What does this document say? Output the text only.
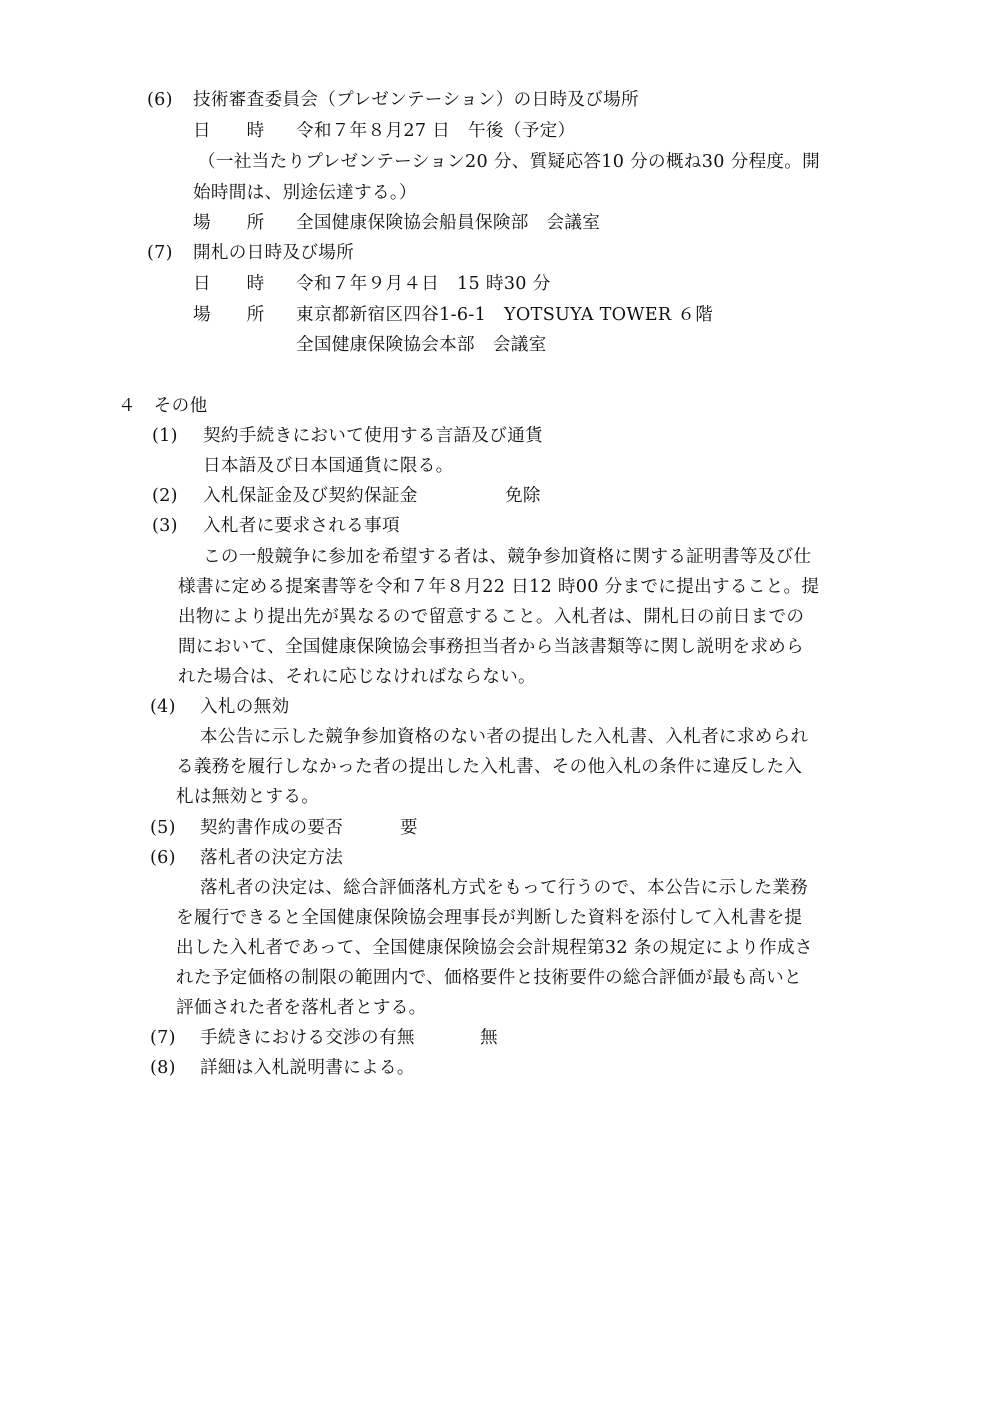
(6) 技術審査委員会（プレゼンテーション）の日時及び場所
日　　時 令和７年８月27 日　午後（予定）
（一社当たりプレゼンテーション20 分、質疑応答10 分の概ね30 分程度。開
始時間は、別途伝達する。）
場　　所 全国健康保険協会船員保険部　会議室
(7) 開札の日時及び場所
日　　時 令和７年９月４日　15 時30 分
場　　所 東京都新宿区四谷1-6-1　YOTSUYA TOWER ６階
全国健康保険協会本部　会議室
４　その他
(1) 契約手続きにおいて使用する言語及び通貨
日本語及び日本国通貨に限る。
(2) 入札保証金及び契約保証金	免除
(3) 入札者に要求される事項
この一般競争に参加を希望する者は、競争参加資格に関する証明書等及び仕
様書に定める提案書等を令和７年８月22 日12 時00 分までに提出すること。提
出物により提出先が異なるので留意すること。入札者は、開札日の前日までの
間において、全国健康保険協会事務担当者から当該書類等に関し説明を求めら
れた場合は、それに応じなければならない。
(4) 入札の無効
本公告に示した競争参加資格のない者の提出した入札書、入札者に求められ
る義務を履行しなかった者の提出した入札書、その他入札の条件に違反した入
札は無効とする。
(5) 契約書作成の要否	要
(6) 落札者の決定方法
落札者の決定は、総合評価落札方式をもって行うので、本公告に示した業務
を履行できると全国健康保険協会理事長が判断した資料を添付して入札書を提
出した入札者であって、全国健康保険協会会計規程第32 条の規定により作成さ
れた予定価格の制限の範囲内で、価格要件と技術要件の総合評価が最も高いと
評価された者を落札者とする。
(7) 手続きにおける交渉の有無	無
(8) 詳細は入札説明書による。
